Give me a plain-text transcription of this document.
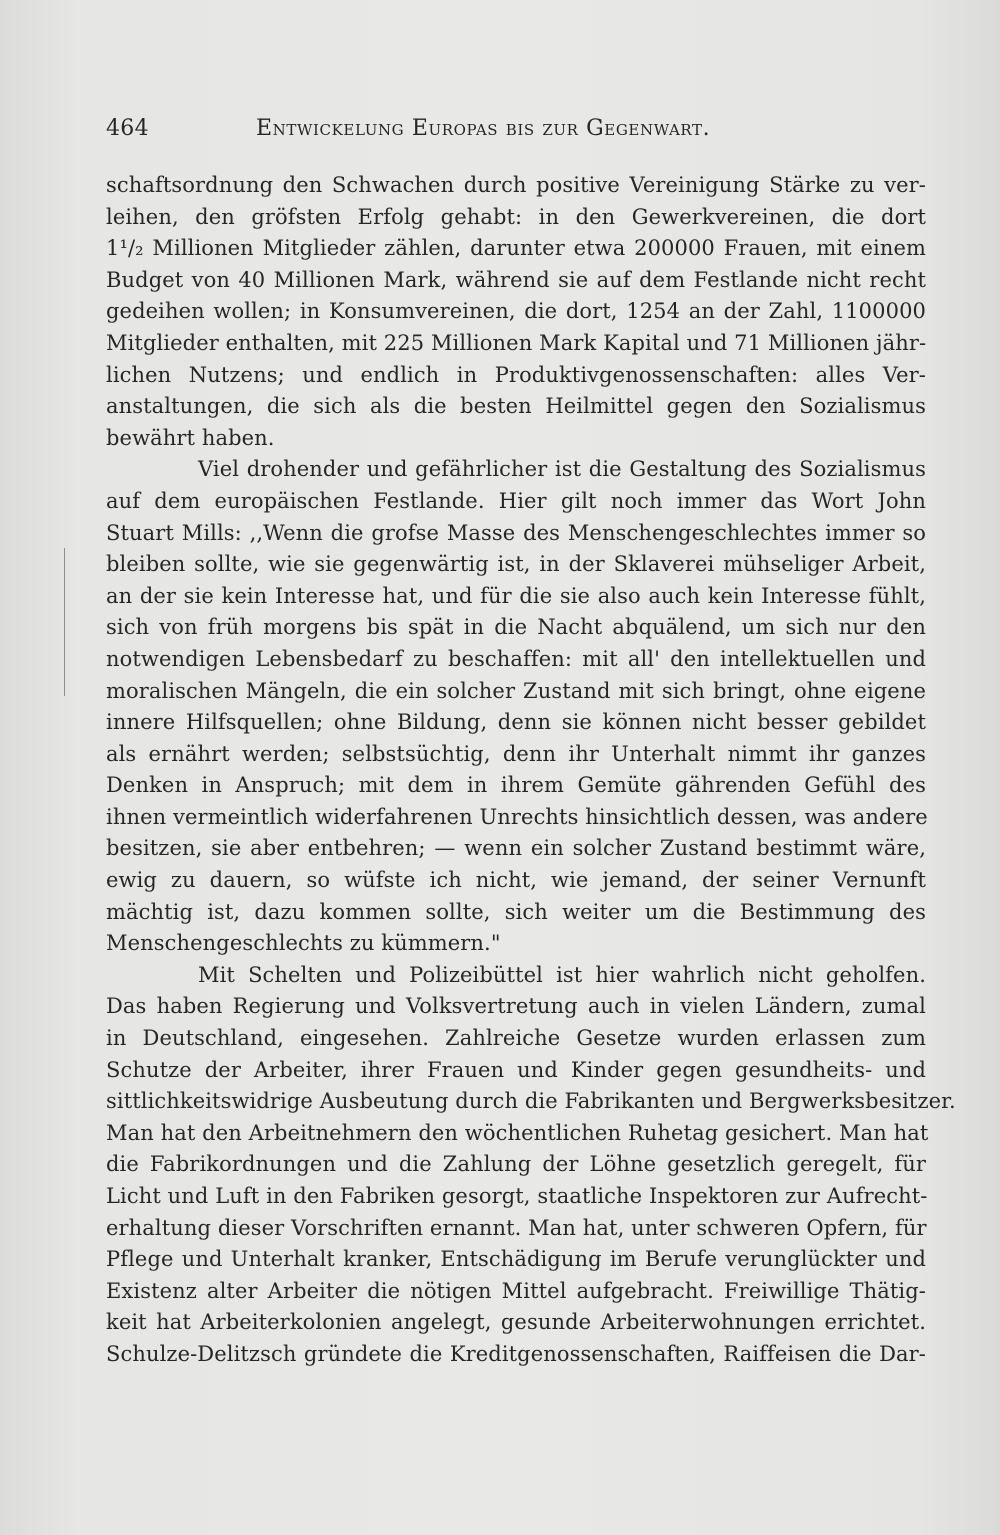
464	Entwickelung Europas bis zur Gegenwart.
schaftsordnung den Schwachen durch positive Vereinigung Stärke zu ver-
leihen, den gröfsten Erfolg gehabt: in den Gewerkvereinen, die dort
1¹/₂ Millionen Mitglieder zählen, darunter etwa 200000 Frauen, mit einem
Budget von 40 Millionen Mark, während sie auf dem Festlande nicht recht
gedeihen wollen; in Konsumvereinen, die dort, 1254 an der Zahl, 1100000
Mitglieder enthalten, mit 225 Millionen Mark Kapital und 71 Millionen jähr-
lichen Nutzens; und endlich in Produktivgenossenschaften: alles Ver-
anstaltungen, die sich als die besten Heilmittel gegen den Sozialismus
bewährt haben.
Viel drohender und gefährlicher ist die Gestaltung des Sozialismus
auf dem europäischen Festlande. Hier gilt noch immer das Wort John
Stuart Mills: ,,Wenn die grofse Masse des Menschengeschlechtes immer so
bleiben sollte, wie sie gegenwärtig ist, in der Sklaverei mühseliger Arbeit,
an der sie kein Interesse hat, und für die sie also auch kein Interesse fühlt,
sich von früh morgens bis spät in die Nacht abquälend, um sich nur den
notwendigen Lebensbedarf zu beschaffen: mit all' den intellektuellen und
moralischen Mängeln, die ein solcher Zustand mit sich bringt, ohne eigene
innere Hilfsquellen; ohne Bildung, denn sie können nicht besser gebildet
als ernährt werden; selbstsüchtig, denn ihr Unterhalt nimmt ihr ganzes
Denken in Anspruch; mit dem in ihrem Gemüte gährenden Gefühl des
ihnen vermeintlich widerfahrenen Unrechts hinsichtlich dessen, was andere
besitzen, sie aber entbehren; — wenn ein solcher Zustand bestimmt wäre,
ewig zu dauern, so wüfste ich nicht, wie jemand, der seiner Vernunft
mächtig ist, dazu kommen sollte, sich weiter um die Bestimmung des
Menschengeschlechts zu kümmern."
Mit Schelten und Polizeibüttel ist hier wahrlich nicht geholfen.
Das haben Regierung und Volksvertretung auch in vielen Ländern, zumal
in Deutschland, eingesehen. Zahlreiche Gesetze wurden erlassen zum
Schutze der Arbeiter, ihrer Frauen und Kinder gegen gesundheits- und
sittlichkeitswidrige Ausbeutung durch die Fabrikanten und Bergwerksbesitzer.
Man hat den Arbeitnehmern den wöchentlichen Ruhetag gesichert. Man hat
die Fabrikordnungen und die Zahlung der Löhne gesetzlich geregelt, für
Licht und Luft in den Fabriken gesorgt, staatliche Inspektoren zur Aufrecht-
erhaltung dieser Vorschriften ernannt. Man hat, unter schweren Opfern, für
Pflege und Unterhalt kranker, Entschädigung im Berufe verunglückter und
Existenz alter Arbeiter die nötigen Mittel aufgebracht. Freiwillige Thätig-
keit hat Arbeiterkolonien angelegt, gesunde Arbeiterwohnungen errichtet.
Schulze-Delitzsch gründete die Kreditgenossenschaften, Raiffeisen die Dar-
